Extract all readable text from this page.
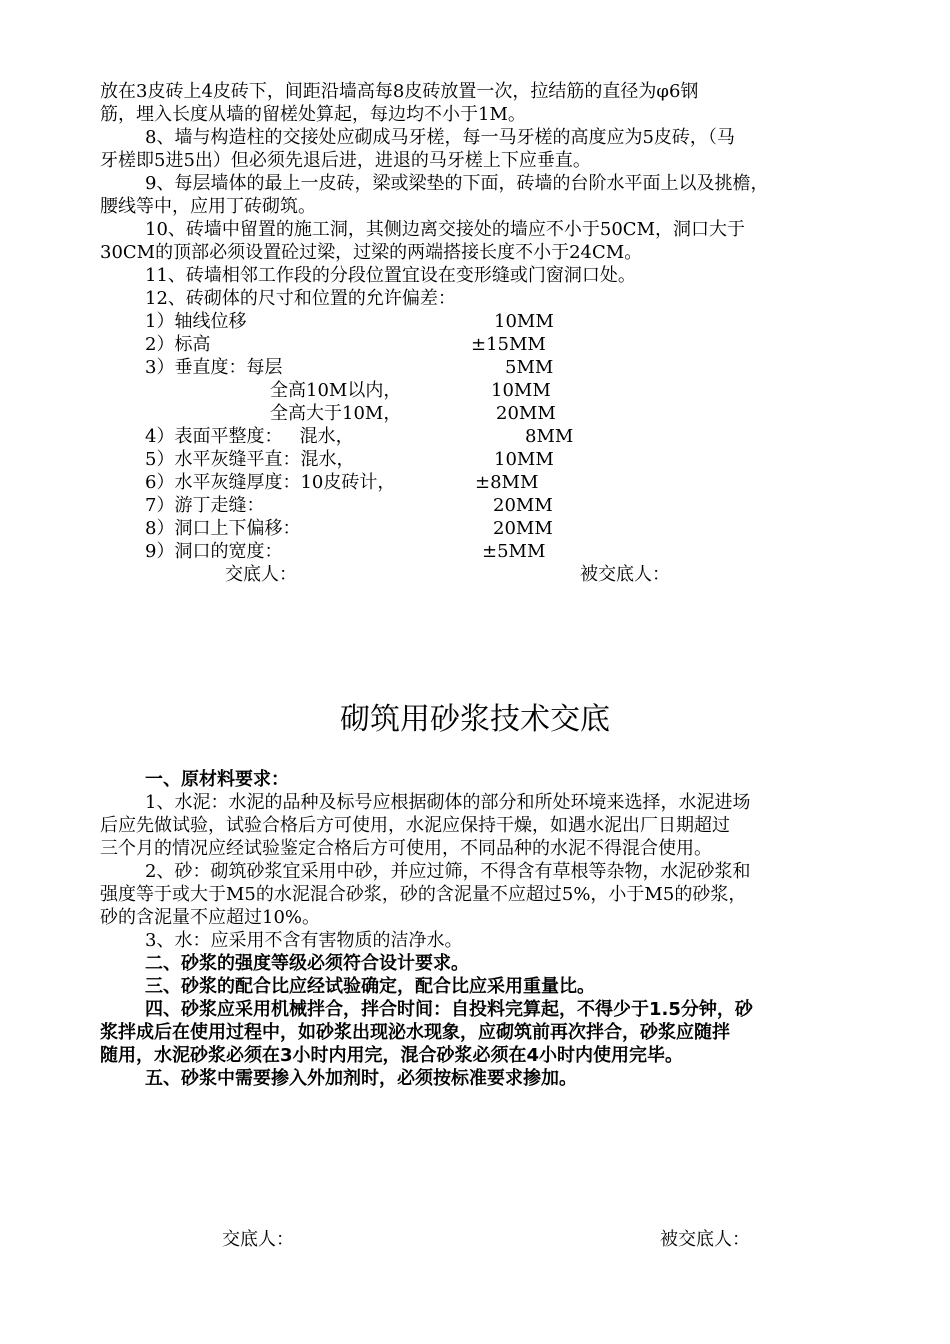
放在3皮砖上4皮砖下，间距沿墙高每8皮砖放置一次，拉结筋的直径为φ6钢
筋，埋入长度从墙的留槎处算起，每边均不小于1M。
8、墙与构造柱的交接处应砌成马牙槎，每一马牙槎的高度应为5皮砖，（马
牙槎即5进5出）但必须先退后进，进退的马牙槎上下应垂直。
9、每层墙体的最上一皮砖，梁或梁垫的下面，砖墙的台阶水平面上以及挑檐，
腰线等中，应用丁砖砌筑。
10、砖墙中留置的施工洞，其侧边离交接处的墙应不小于50CM，洞口大于
30CM的顶部必须设置砼过梁，过梁的两端搭接长度不小于24CM。
11、砖墙相邻工作段的分段位置宜设在变形缝或门窗洞口处。
12、砖砌体的尺寸和位置的允许偏差：
1）轴线位移	10MM
2）标高	±15MM
3）垂直度：每层	5MM
全高10M以内，	10MM
全高大于10M，	20MM
4）表面平整度：   混水，	8MM
5）水平灰缝平直：混水，	10MM
6）水平灰缝厚度：10皮砖计，	±8MM
7）游丁走缝：	20MM
8）洞口上下偏移：	20MM
9）洞口的宽度：	±5MM
交底人：	被交底人：
砌筑用砂浆技术交底
一、原材料要求：
1、水泥：水泥的品种及标号应根据砌体的部分和所处环境来选择，水泥进场
后应先做试验，试验合格后方可使用，水泥应保持干燥，如遇水泥出厂日期超过
三个月的情况应经试验鉴定合格后方可使用，不同品种的水泥不得混合使用。
2、砂：砌筑砂浆宜采用中砂，并应过筛，不得含有草根等杂物，水泥砂浆和
强度等于或大于M5的水泥混合砂浆，砂的含泥量不应超过5%，小于M5的砂浆，
砂的含泥量不应超过10%。
3、水：应采用不含有害物质的洁净水。
二、砂浆的强度等级必须符合设计要求。
三、砂浆的配合比应经试验确定，配合比应采用重量比。
四、砂浆应采用机械拌合，拌合时间：自投料完算起，不得少于1.5分钟，砂
浆拌成后在使用过程中，如砂浆出现泌水现象，应砌筑前再次拌合，砂浆应随拌
随用，水泥砂浆必须在3小时内用完，混合砂浆必须在4小时内使用完毕。
五、砂浆中需要掺入外加剂时，必须按标准要求掺加。
交底人：	被交底人：
